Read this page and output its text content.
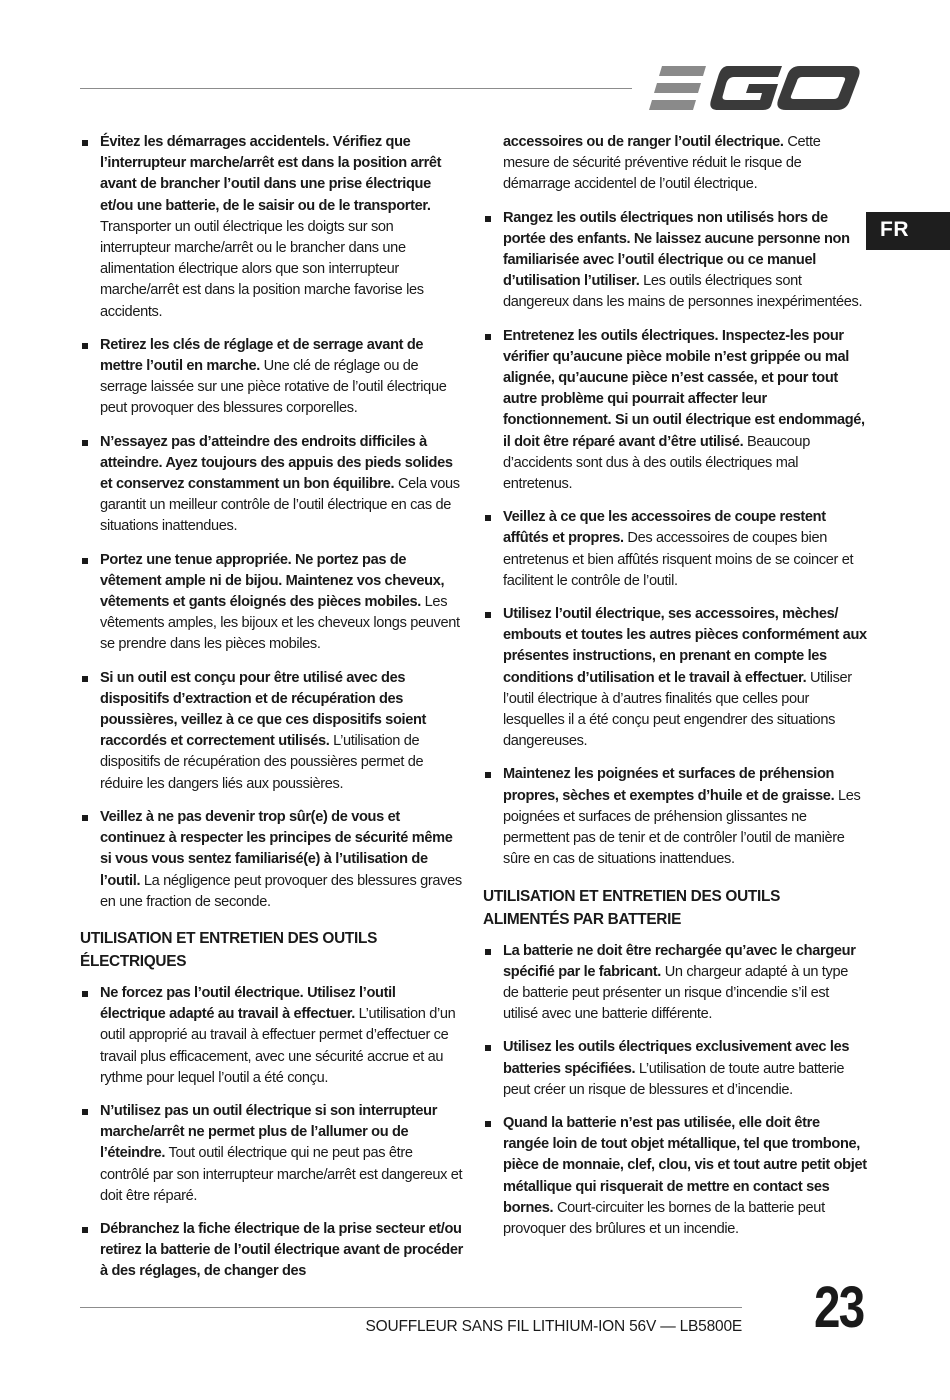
FR
Évitez les démarrages accidentels. Vérifiez que l’interrupteur marche/arrêt est dans la position arrêt avant de brancher l’outil dans une prise électrique et/ou une batterie, de le saisir ou de le transporter. Transporter un outil électrique les doigts sur son interrupteur marche/arrêt ou le brancher dans une alimentation électrique alors que son interrupteur marche/arrêt est dans la position marche favorise les accidents.
Retirez les clés de réglage et de serrage avant de mettre l’outil en marche. Une clé de réglage ou de serrage laissée sur une pièce rotative de l’outil électrique peut provoquer des blessures corporelles.
N’essayez pas d’atteindre des endroits difficiles à atteindre. Ayez toujours des appuis des pieds solides et conservez constamment un bon équilibre. Cela vous garantit un meilleur contrôle de l’outil électrique en cas de situations inattendues.
Portez une tenue appropriée. Ne portez pas de vêtement ample ni de bijou. Maintenez vos cheveux, vêtements et gants éloignés des pièces mobiles. Les vêtements amples, les bijoux et les cheveux longs peuvent se prendre dans les pièces mobiles.
Si un outil est conçu pour être utilisé avec des dispositifs d’extraction et de récupération des poussières, veillez à ce que ces dispositifs soient raccordés et correctement utilisés. L’utilisation de dispositifs de récupération des poussières permet de réduire les dangers liés aux poussières.
Veillez à ne pas devenir trop sûr(e) de vous et continuez à respecter les principes de sécurité même si vous vous sentez familiarisé(e) à l’utilisation de l’outil. La négligence peut provoquer des blessures graves en une fraction de seconde.
UTILISATION ET ENTRETIEN DES OUTILS ÉLECTRIQUES
Ne forcez pas l’outil électrique. Utilisez l’outil électrique adapté au travail à effectuer. L’utilisation d’un outil approprié au travail à effectuer permet d’effectuer ce travail plus efficacement, avec une sécurité accrue et au rythme pour lequel l’outil a été conçu.
N’utilisez pas un outil électrique si son interrupteur marche/arrêt ne permet plus de l’allumer ou de l’éteindre. Tout outil électrique qui ne peut pas être contrôlé par son interrupteur marche/arrêt est dangereux et doit être réparé.
Débranchez la fiche électrique de la prise secteur et/ou retirez la batterie de l’outil électrique avant de procéder à des réglages, de changer des
accessoires ou de ranger l’outil électrique. Cette mesure de sécurité préventive réduit le risque de démarrage accidentel de l’outil électrique.
Rangez les outils électriques non utilisés hors de portée des enfants. Ne laissez aucune personne non familiarisée avec l’outil électrique ou ce manuel d’utilisation l’utiliser. Les outils électriques sont dangereux dans les mains de personnes inexpérimentées.
Entretenez les outils électriques. Inspectez-les pour vérifier qu’aucune pièce mobile n’est grippée ou mal alignée, qu’aucune pièce n’est cassée, et pour tout autre problème qui pourrait affecter leur fonctionnement. Si un outil électrique est endommagé, il doit être réparé avant d’être utilisé. Beaucoup d’accidents sont dus à des outils électriques mal entretenus.
Veillez à ce que les accessoires de coupe restent affûtés et propres. Des accessoires de coupes bien entretenus et bien affûtés risquent moins de se coincer et facilitent le contrôle de l’outil.
Utilisez l’outil électrique, ses accessoires, mèches/ embouts et toutes les autres pièces conformément aux présentes instructions, en prenant en compte les conditions d’utilisation et le travail à effectuer. Utiliser l’outil électrique à d’autres finalités que celles pour lesquelles il a été conçu peut engendrer des situations dangereuses.
Maintenez les poignées et surfaces de préhension propres, sèches et exemptes d’huile et de graisse. Les poignées et surfaces de préhension glissantes ne permettent pas de tenir et de contrôler l’outil de manière sûre en cas de situations inattendues.
UTILISATION ET ENTRETIEN DES OUTILS ALIMENTÉS PAR BATTERIE
La batterie ne doit être rechargée qu’avec le chargeur spécifié par le fabricant. Un chargeur adapté à un type de batterie peut présenter un risque d’incendie s’il est utilisé avec une batterie différente.
Utilisez les outils électriques exclusivement avec les batteries spécifiées. L’utilisation de toute autre batterie peut créer un risque de blessures et d’incendie.
Quand la batterie n’est pas utilisée, elle doit être rangée loin de tout objet métallique, tel que trombone, pièce de monnaie, clef, clou, vis et tout autre petit objet métallique qui risquerait de mettre en contact ses bornes. Court-circuiter les bornes de la batterie peut provoquer des brûlures et un incendie.
SOUFFLEUR SANS FIL LITHIUM-ION 56V — LB5800E 23
